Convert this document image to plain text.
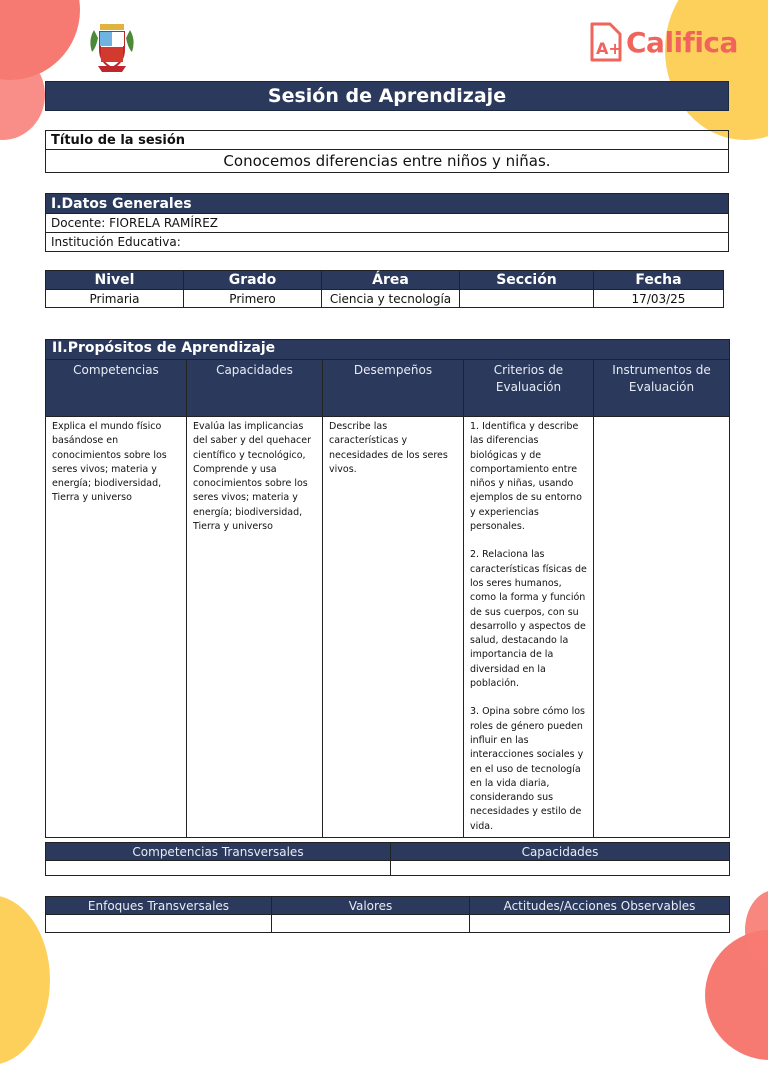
A+ Califica
Sesión de Aprendizaje
Título de la sesión
Conocemos diferencias entre niños y niñas.
I.Datos Generales
Docente: FIORELA RAMÍREZ
Institución Educativa:
Nivel	Grado	Área	Sección	Fecha
Primaria	Primero	Ciencia y tecnología		17/03/25
II.Propósitos de Aprendizaje				
Competencias	Capacidades	Desempeños	Criterios de Evaluación	Instrumentos de Evaluación
Explica el mundo físico basándose en conocimientos sobre los seres vivos; materia y energía; biodiversidad, Tierra y universo	Evalúa las implicancias del saber y del quehacer científico y tecnológico, Comprende y usa conocimientos sobre los seres vivos; materia y energía; biodiversidad, Tierra y universo	Describe las características y necesidades de los seres vivos.	1. Identifica y describe las diferencias biológicas y de comportamiento entre niños y niñas, usando ejemplos de su entorno y experiencias personales.

2. Relaciona las características físicas de los seres humanos, como la forma y función de sus cuerpos, con su desarrollo y aspectos de salud, destacando la importancia de la diversidad en la población.

3. Opina sobre cómo los roles de género pueden influir en las interacciones sociales y en el uso de tecnología en la vida diaria, considerando sus necesidades y estilo de vida.	

Competencias Transversales	Capacidades

Enfoques Transversales	Valores	Actitudes/Acciones Observables
